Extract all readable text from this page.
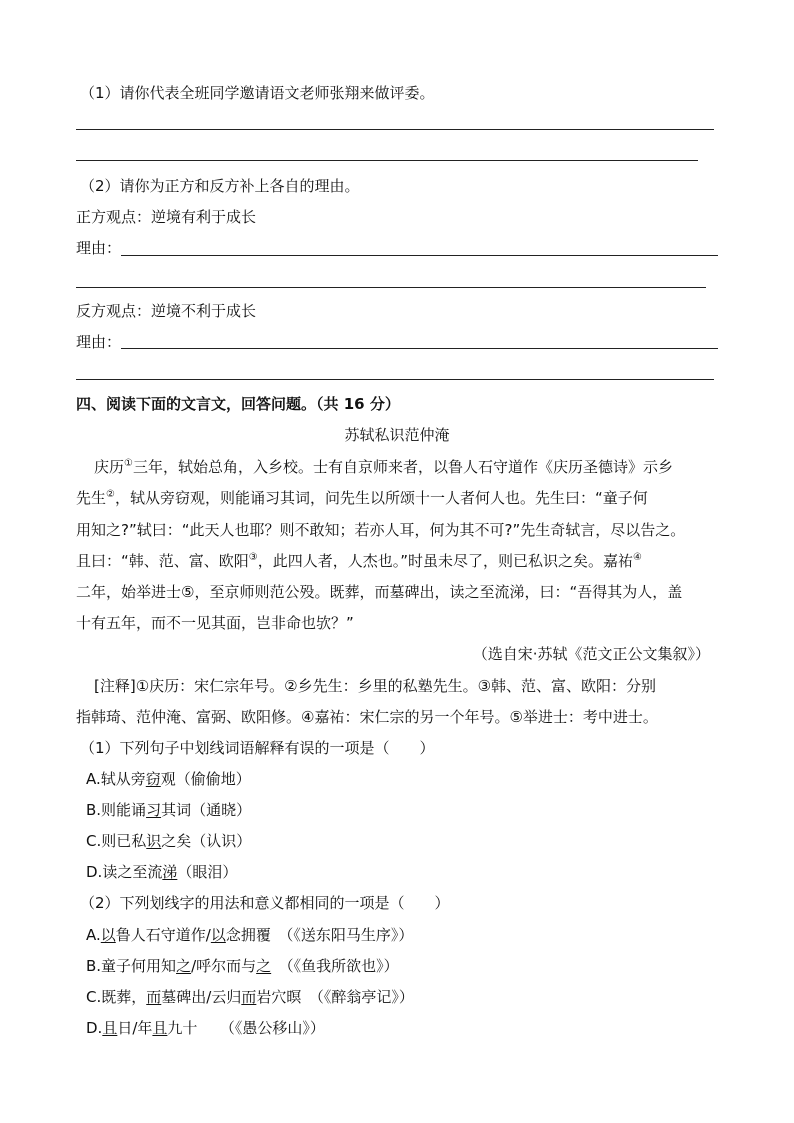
（1）请你代表全班同学邀请语文老师张翔来做评委。
（2）请你为正方和反方补上各自的理由。
正方观点：逆境有利于成长
理由：
反方观点：逆境不利于成长
理由：
四、阅读下面的文言文，回答问题。（共 16 分）
苏轼私识范仲淹
庆历①三年，轼始总角，入乡校。士有自京师来者，以鲁人石守道作《庆历圣德诗》示乡
先生②，轼从旁窃观，则能诵习其词，问先生以所颂十一人者何人也。先生曰：“童子何
用知之?”轼曰：“此天人也耶？则不敢知；若亦人耳，何为其不可?”先生奇轼言，尽以告之。
且曰：“韩、范、富、欧阳③，此四人者，人杰也。”时虽未尽了，则已私识之矣。嘉祐④
二年，始举进士⑤，至京师则范公殁。既葬，而墓碑出，读之至流涕，曰：“吾得其为人，盖
十有五年，而不一见其面，岂非命也欤？”
（选自宋·苏轼《范文正公文集叙》）
[注释]①庆历：宋仁宗年号。②乡先生：乡里的私塾先生。③韩、范、富、欧阳：分别
指韩琦、范仲淹、富弼、欧阳修。④嘉祐：宋仁宗的另一个年号。⑤举进士：考中进士。
（1）下列句子中划线词语解释有误的一项是（　　）
A.轼从旁窃观（偷偷地）
B.则能诵习其词（通晓）
C.则已私识之矣（认识）
D.读之至流涕（眼泪）
（2）下列划线字的用法和意义都相同的一项是（　　）
A.以鲁人石守道作/以念拥覆　（《送东阳马生序》）
B.童子何用知之/呼尔而与之　（《鱼我所欲也》）
C.既葬，而墓碑出/云归而岩穴暝　（《醉翁亭记》）
D.且日/年且九十　　（《愚公移山》）
